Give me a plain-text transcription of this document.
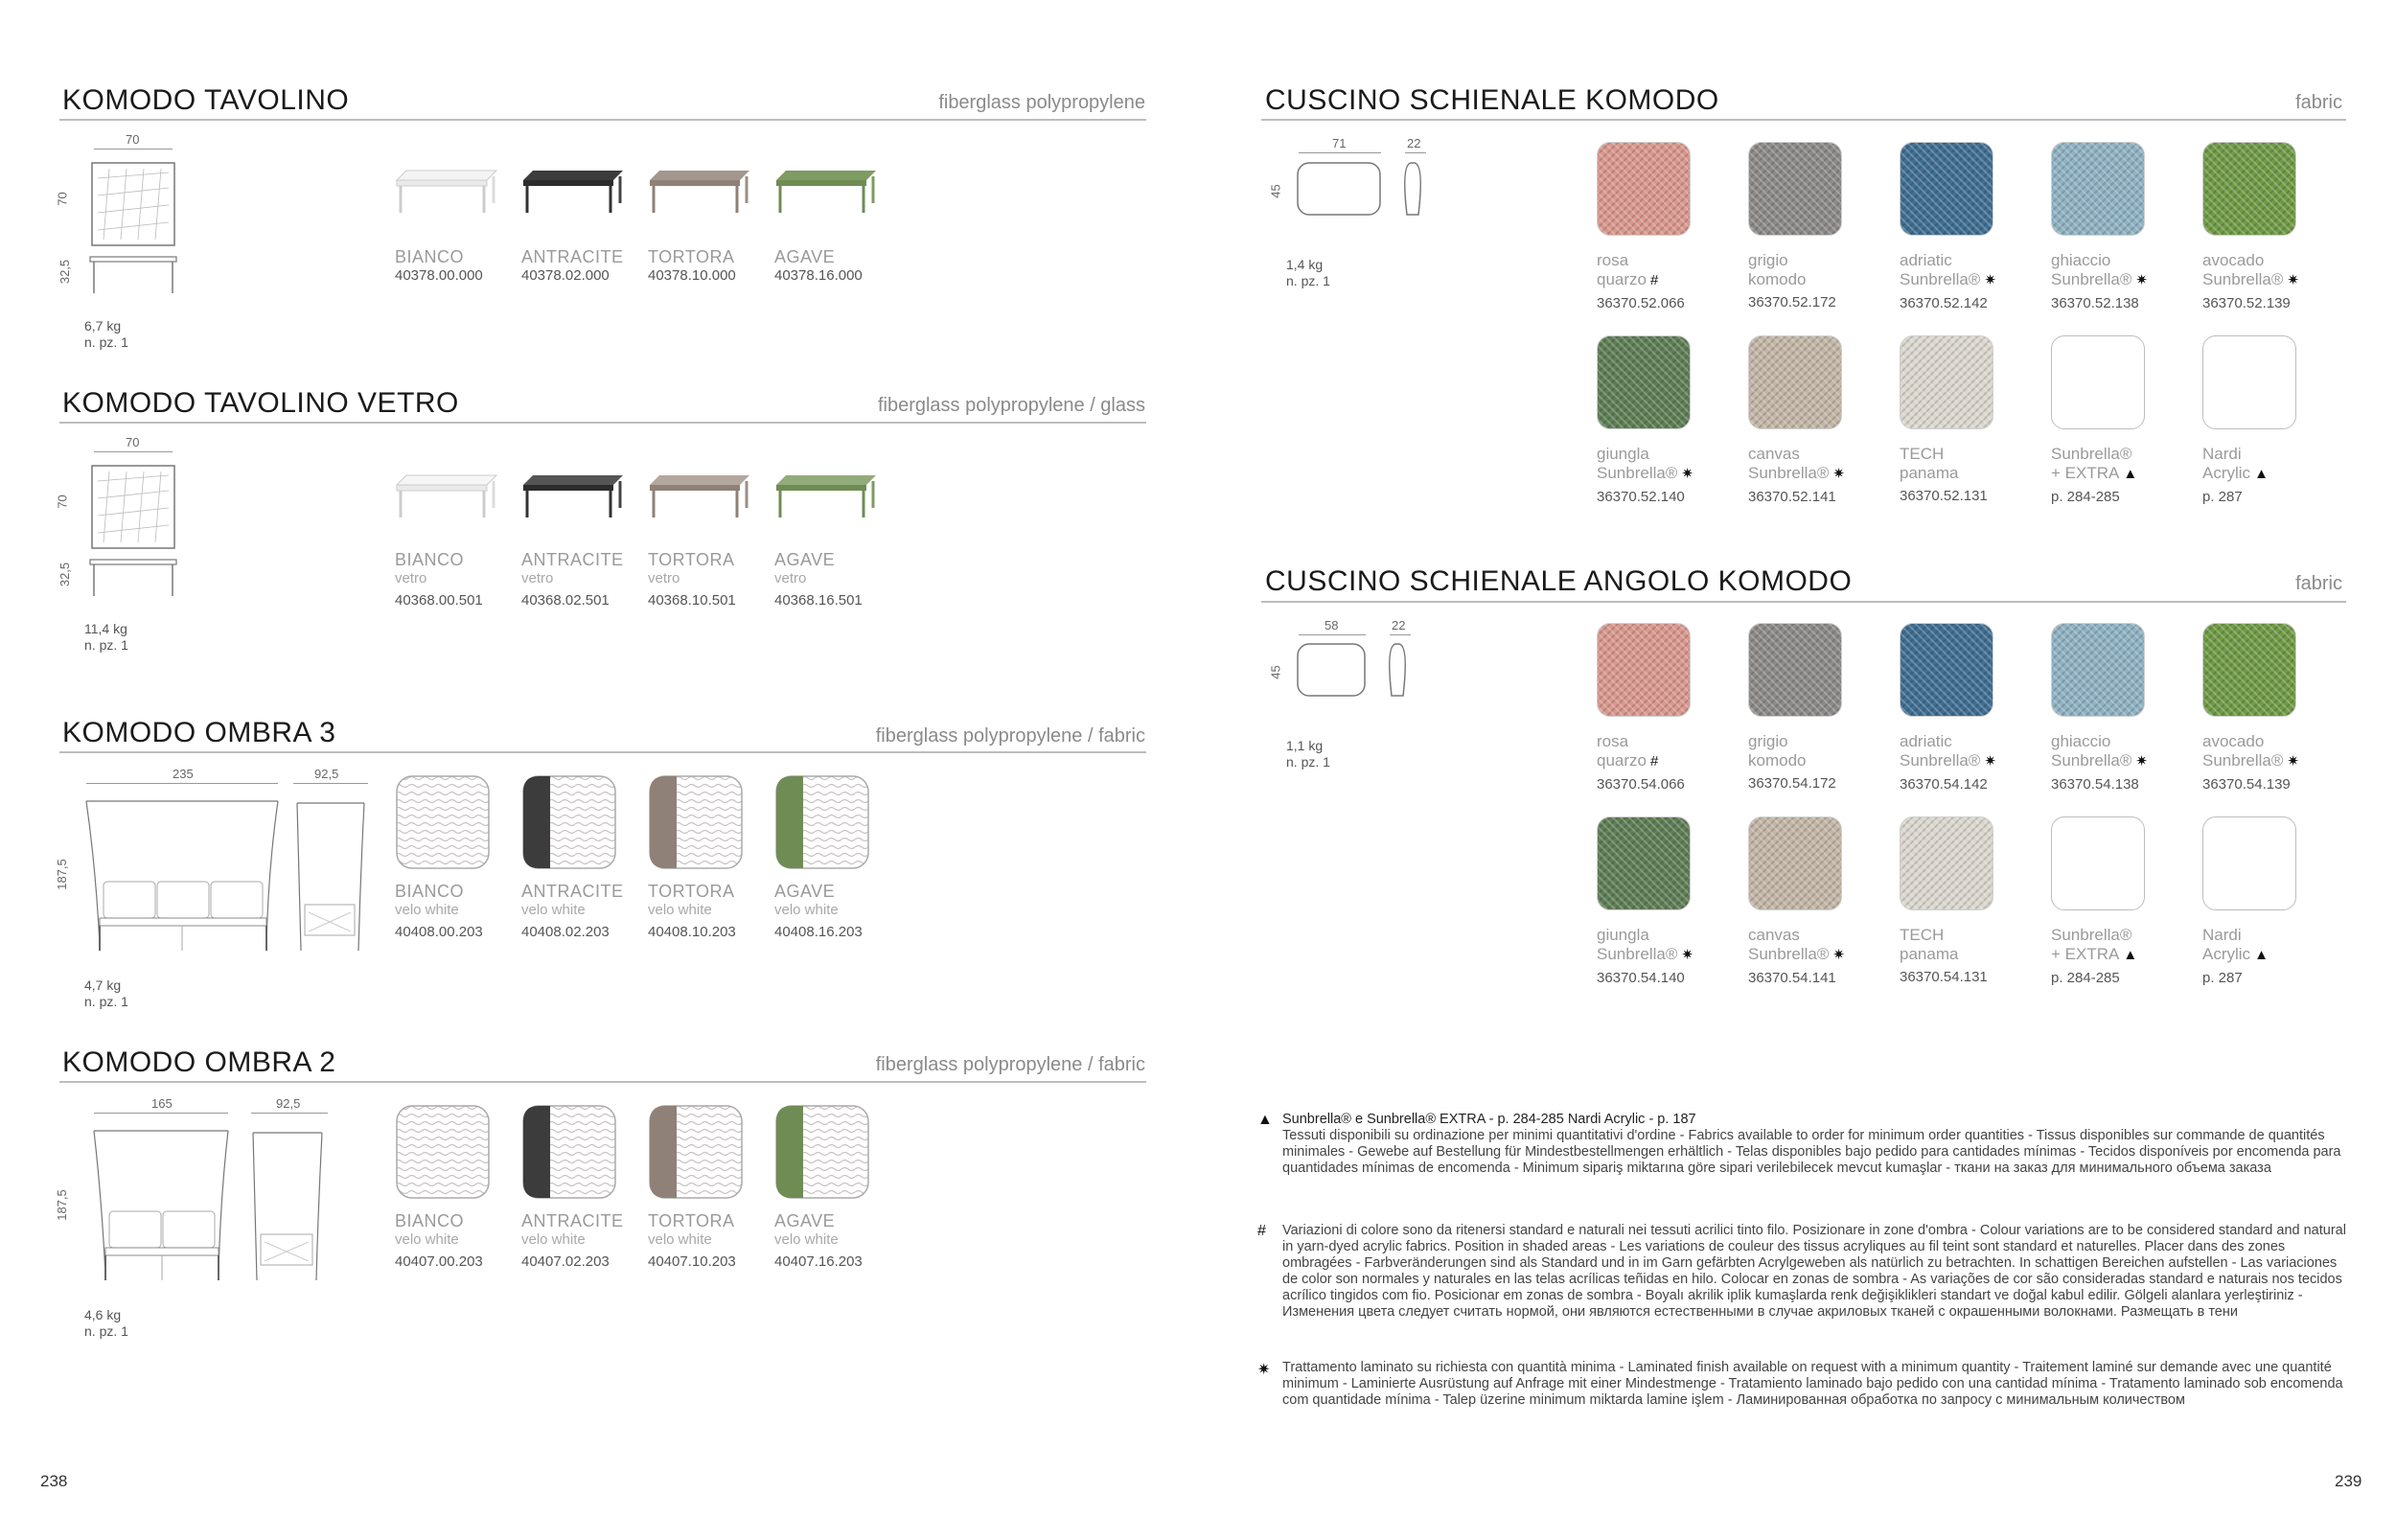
KOMODO TAVOLINO	fiberglass polypropylene
70
70
32,5
6,7 kg
n. pz. 1
BIANCO
40378.00.000
ANTRACITE
40378.02.000
TORTORA
40378.10.000
AGAVE
40378.16.000
KOMODO TAVOLINO VETRO	fiberglass polypropylene / glass
70
70
32,5
11,4 kg
n. pz. 1
BIANCO
vetro
40368.00.501
ANTRACITE
vetro
40368.02.501
TORTORA
vetro
40368.10.501
AGAVE
vetro
40368.16.501
KOMODO OMBRA 3	fiberglass polypropylene / fabric
235	92,5
187,5
4,7 kg
n. pz. 1
BIANCO
velo white
40408.00.203
ANTRACITE
velo white
40408.02.203
TORTORA
velo white
40408.10.203
AGAVE
velo white
40408.16.203
KOMODO OMBRA 2	fiberglass polypropylene / fabric
165	92,5
187,5
4,6 kg
n. pz. 1
BIANCO
velo white
40407.00.203
ANTRACITE
velo white
40407.02.203
TORTORA
velo white
40407.10.203
AGAVE
velo white
40407.16.203
238
CUSCINO SCHIENALE KOMODO	fabric
71	22
45
1,4 kg
n. pz. 1
CUSCINO SCHIENALE ANGOLO KOMODO	fabric
58	22
45
1,1 kg
n. pz. 1
▲ Sunbrella® e Sunbrella® EXTRA - p. 284-285 Nardi Acrylic - p. 187
Tessuti disponibili su ordinazione per minimi quantitativi d'ordine - Fabrics available to order for minimum order quantities - Tissus disponibles sur commande de quantités minimales - Gewebe auf Bestellung für Mindestbestellmengen erhältlich - Telas disponibles bajo pedido para cantidades mínimas - Tecidos disponíveis por encomenda para quantidades mínimas de encomenda - Minimum sipariş miktarına göre sipari verilebilecek mevcut kumaşlar - ткани на заказ для минимального объема заказа
# Variazioni di colore sono da ritenersi standard e naturali nei tessuti acrilici tinto filo. Posizionare in zone d'ombra - Colour variations are to be considered standard and natural in yarn-dyed acrylic fabrics. Position in shaded areas - Les variations de couleur des tissus acryliques au fil teint sont standard et naturelles. Placer dans des zones ombragées - Farbveränderungen sind als Standard und in im Garn gefärbten Acrylgeweben als natürlich zu betrachten. In schattigen Bereichen aufstellen - Las variaciones de color son normales y naturales en las telas acrílicas teñidas en hilo. Colocar en zonas de sombra - As variações de cor são consideradas standard e naturais nos tecidos acrílico tingidos com fio. Posicionar em zonas de sombra - Boyalı akrilik iplik kumaşlarda renk değişiklikleri standart ve doğal kabul edilir. Gölgeli alanlara yerleştiriniz - Изменения цвета следует считать нормой, они являются естественными в случае акриловых тканей с окрашенными волокнами. Размещать в тени
✷ Trattamento laminato su richiesta con quantità minima - Laminated finish available on request with a minimum quantity - Traitement laminé sur demande avec une quantité minimum - Laminierte Ausrüstung auf Anfrage mit einer Mindestmenge - Tratamiento laminado bajo pedido con una cantidad mínima - Tratamento laminado sob encomenda com quantidade mínima - Talep üzerine minimum miktarda lamine işlem - Ламинированная обработка по запросу с минимальным количеством
239
rosa
quarzo #
36370.52.066
grigio
komodo
36370.52.172
adriatic
Sunbrella® ✷
36370.52.142
ghiaccio
Sunbrella® ✷
36370.52.138
avocado
Sunbrella® ✷
36370.52.139
giungla
Sunbrella® ✷
36370.52.140
canvas
Sunbrella® ✷
36370.52.141
TECH
panama
36370.52.131
Sunbrella®
+ EXTRA ▲
p. 284-285
Nardi
Acrylic ▲
p. 287
rosa
quarzo #
36370.54.066
grigio
komodo
36370.54.172
adriatic
Sunbrella® ✷
36370.54.142
ghiaccio
Sunbrella® ✷
36370.54.138
avocado
Sunbrella® ✷
36370.54.139
giungla
Sunbrella® ✷
36370.54.140
canvas
Sunbrella® ✷
36370.54.141
TECH
panama
36370.54.131
Sunbrella®
+ EXTRA ▲
p. 284-285
Nardi
Acrylic ▲
p. 287
